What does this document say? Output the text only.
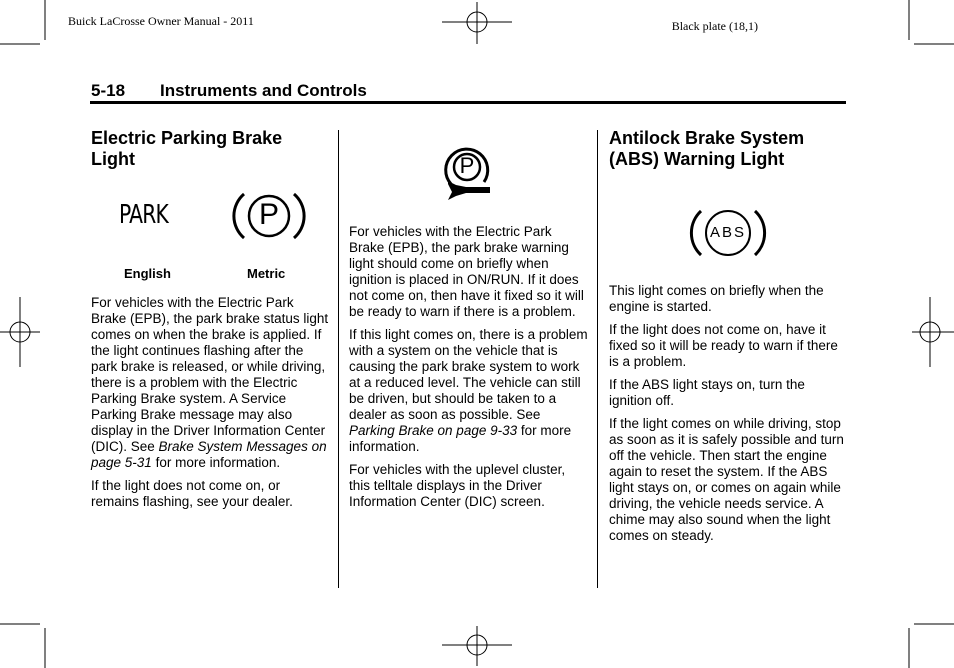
Buick LaCrosse Owner Manual - 2011	Black plate (18,1)
5-18 Instruments and Controls
Electric Parking Brake Light
PARK	P
English	Metric

For vehicles with the Electric Park Brake (EPB), the park brake status light comes on when the brake is applied. If the light continues flashing after the park brake is released, or while driving, there is a problem with the Electric Parking Brake system. A Service Parking Brake message may also display in the Driver Information Center (DIC). See Brake System Messages on page 5-31 for more information.

If the light does not come on, or remains flashing, see your dealer.

P

For vehicles with the Electric Park Brake (EPB), the park brake warning light should come on briefly when ignition is placed in ON/RUN. If it does not come on, then have it fixed so it will be ready to warn if there is a problem.

If this light comes on, there is a problem with a system on the vehicle that is causing the park brake system to work at a reduced level. The vehicle can still be driven, but should be taken to a dealer as soon as possible. See Parking Brake on page 9-33 for more information.

For vehicles with the uplevel cluster, this telltale displays in the Driver Information Center (DIC) screen.

Antilock Brake System (ABS) Warning Light
ABS

This light comes on briefly when the engine is started.

If the light does not come on, have it fixed so it will be ready to warn if there is a problem.

If the ABS light stays on, turn the ignition off.

If the light comes on while driving, stop as soon as it is safely possible and turn off the vehicle. Then start the engine again to reset the system. If the ABS light stays on, or comes on again while driving, the vehicle needs service. A chime may also sound when the light comes on steady.
